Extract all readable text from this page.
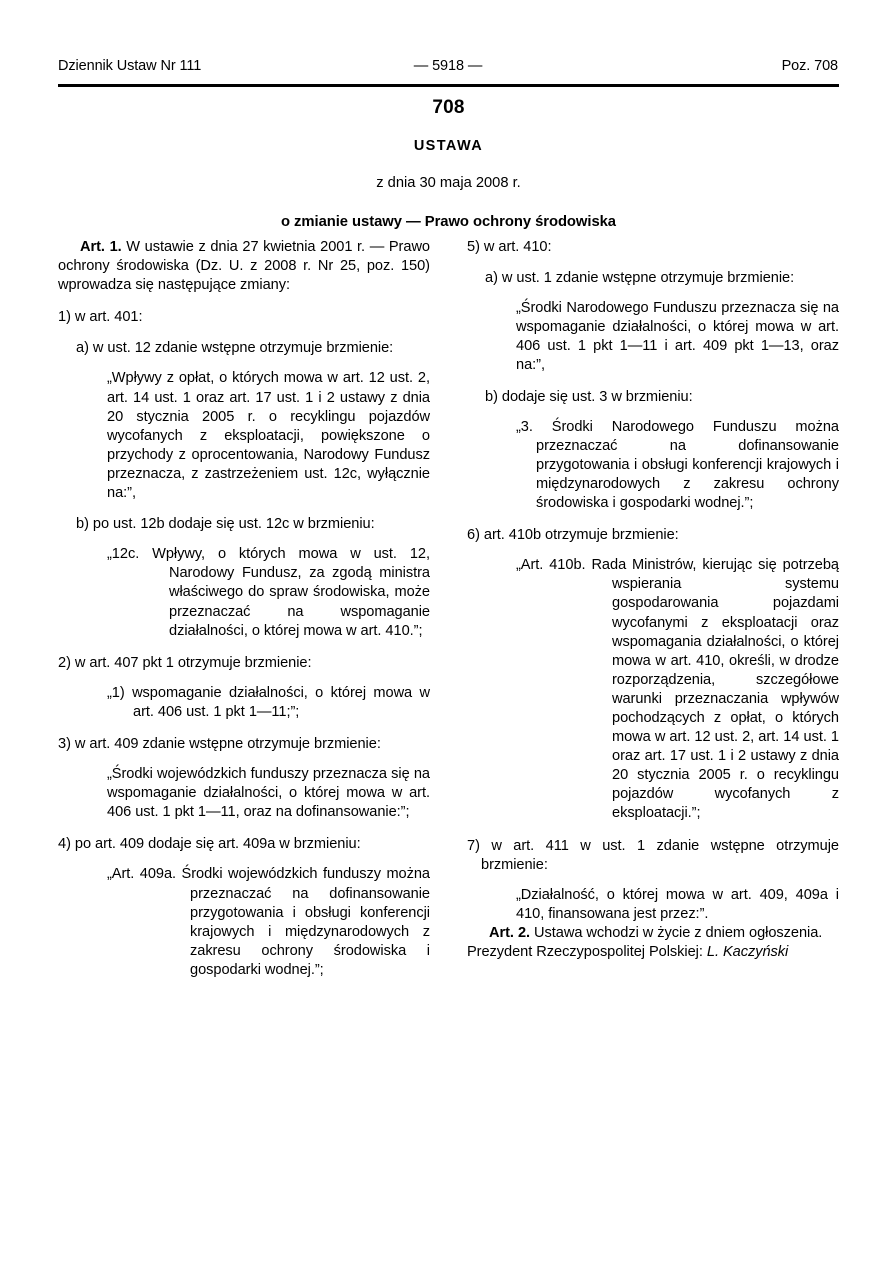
Dziennik Ustaw Nr 111	— 5918 —	Poz. 708
708
USTAWA
z dnia 30 maja 2008 r.
o zmianie ustawy — Prawo ochrony środowiska

Art. 1. W ustawie z dnia 27 kwietnia 2001 r. — Prawo ochrony środowiska (Dz. U. z 2008 r. Nr 25, poz. 150) wprowadza się następujące zmiany:

1) w art. 401:

a) w ust. 12 zdanie wstępne otrzymuje brzmienie:

„Wpływy z opłat, o których mowa w art. 12 ust. 2, art. 14 ust. 1 oraz art. 17 ust. 1 i 2 ustawy z dnia 20 stycznia 2005 r. o recyklingu pojazdów wycofanych z eksploatacji, powiększone o przychody z oprocentowania, Narodowy Fundusz przeznacza, z zastrzeżeniem ust. 12c, wyłącznie na:”,

b) po ust. 12b dodaje się ust. 12c w brzmieniu:

„12c. Wpływy, o których mowa w ust. 12, Narodowy Fundusz, za zgodą ministra właściwego do spraw środowiska, może przeznaczać na wspomaganie działalności, o której mowa w art. 410.”;

2) w art. 407 pkt 1 otrzymuje brzmienie:

„1) wspomaganie działalności, o której mowa w art. 406 ust. 1 pkt 1—11;”;

3) w art. 409 zdanie wstępne otrzymuje brzmienie:

„Środki wojewódzkich funduszy przeznacza się na wspomaganie działalności, o której mowa w art. 406 ust. 1 pkt 1—11, oraz na dofinansowanie:”;

4) po art. 409 dodaje się art. 409a w brzmieniu:

„Art. 409a. Środki wojewódzkich funduszy można przeznaczać na dofinansowanie przygotowania i obsługi konferencji krajowych i międzynarodowych z zakresu ochrony środowiska i gospodarki wodnej.”;

5) w art. 410:

a) w ust. 1 zdanie wstępne otrzymuje brzmienie:

„Środki Narodowego Funduszu przeznacza się na wspomaganie działalności, o której mowa w art. 406 ust. 1 pkt 1—11 i art. 409 pkt 1—13, oraz na:”,

b) dodaje się ust. 3 w brzmieniu:

„3. Środki Narodowego Funduszu można przeznaczać na dofinansowanie przygotowania i obsługi konferencji krajowych i międzynarodowych z zakresu ochrony środowiska i gospodarki wodnej.”;

6) art. 410b otrzymuje brzmienie:

„Art. 410b. Rada Ministrów, kierując się potrzebą wspierania systemu gospodarowania pojazdami wycofanymi z eksploatacji oraz wspomagania działalności, o której mowa w art. 410, określi, w drodze rozporządzenia, szczegółowe warunki przeznaczania wpływów pochodzących z opłat, o których mowa w art. 12 ust. 2, art. 14 ust. 1 oraz art. 17 ust. 1 i 2 ustawy z dnia 20 stycznia 2005 r. o recyklingu pojazdów wycofanych z eksploatacji.”;

7) w art. 411 w ust. 1 zdanie wstępne otrzymuje brzmienie:

„Działalność, o której mowa w art. 409, 409a i 410, finansowana jest przez:”.

Art. 2. Ustawa wchodzi w życie z dniem ogłoszenia.

Prezydent Rzeczypospolitej Polskiej: L. Kaczyński
